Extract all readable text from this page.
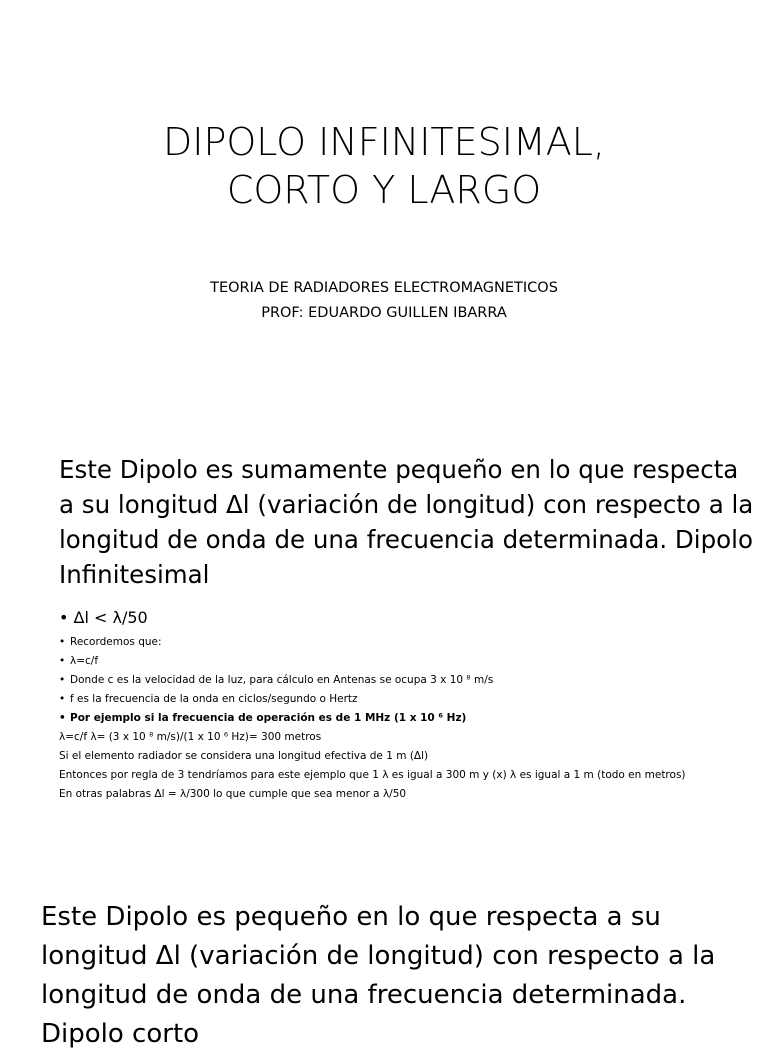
DIPOLO INFINITESIMAL,
CORTO Y LARGO
TEORIA DE RADIADORES ELECTROMAGNETICOS
PROF: EDUARDO GUILLEN IBARRA
Este Dipolo es sumamente pequeño en lo que respecta a su longitud Δl (variación de longitud) con respecto a la longitud de onda de una frecuencia determinada. Dipolo Infinitesimal
• Δl < λ/50
• Recordemos que:
• λ=c/f
• Donde c es la velocidad de la luz, para cálculo en Antenas se ocupa 3 x 10 ⁸ m/s
• f es la frecuencia de la onda en ciclos/segundo o Hertz
• Por ejemplo si la frecuencia de operación es de 1 MHz (1 x 10 ⁶ Hz)
λ=c/f λ= (3 x 10 ⁸ m/s)/(1 x 10 ⁶ Hz)= 300 metros
Si el elemento radiador se considera una longitud efectiva de 1 m (Δl)
Entonces por regla de 3 tendríamos para este ejemplo que 1 λ es igual a 300 m y (x) λ es igual a 1 m (todo en metros)
En otras palabras Δl = λ/300 lo que cumple que sea menor a λ/50
Este Dipolo es pequeño en lo que respecta a su longitud Δl (variación de longitud) con respecto a la longitud de onda de una frecuencia determinada. Dipolo corto
